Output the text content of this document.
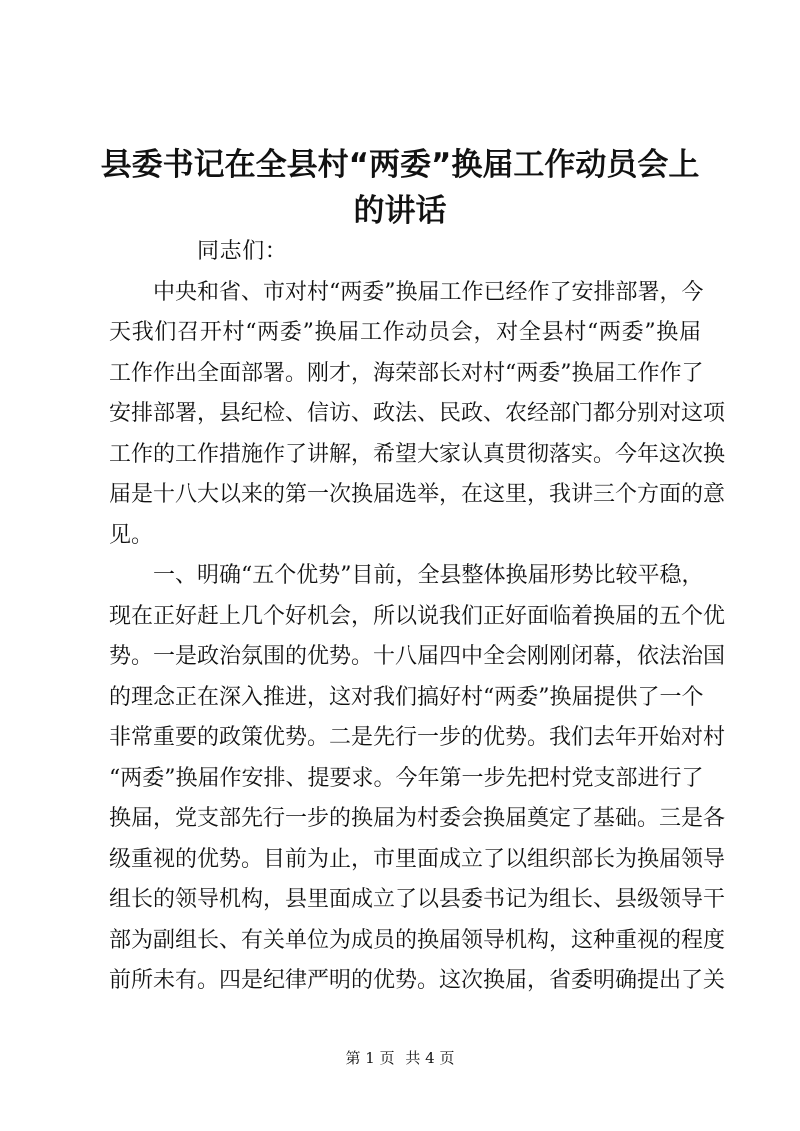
县委书记在全县村“两委”换届工作动员会上
的讲话
同志们：
中央和省、市对村“两委”换届工作已经作了安排部署，今
天我们召开村“两委”换届工作动员会，对全县村“两委”换届
工作作出全面部署。刚才，海荣部长对村“两委”换届工作作了
安排部署，县纪检、信访、政法、民政、农经部门都分别对这项
工作的工作措施作了讲解，希望大家认真贯彻落实。今年这次换
届是十八大以来的第一次换届选举，在这里，我讲三个方面的意
见。
一、明确“五个优势”目前，全县整体换届形势比较平稳，
现在正好赶上几个好机会，所以说我们正好面临着换届的五个优
势。一是政治氛围的优势。十八届四中全会刚刚闭幕，依法治国
的理念正在深入推进，这对我们搞好村“两委”换届提供了一个
非常重要的政策优势。二是先行一步的优势。我们去年开始对村
“两委”换届作安排、提要求。今年第一步先把村党支部进行了
换届，党支部先行一步的换届为村委会换届奠定了基础。三是各
级重视的优势。目前为止，市里面成立了以组织部长为换届领导
组长的领导机构，县里面成立了以县委书记为组长、县级领导干
部为副组长、有关单位为成员的换届领导机构，这种重视的程度
前所未有。四是纪律严明的优势。这次换届，省委明确提出了关
第 1 页 共 4 页
